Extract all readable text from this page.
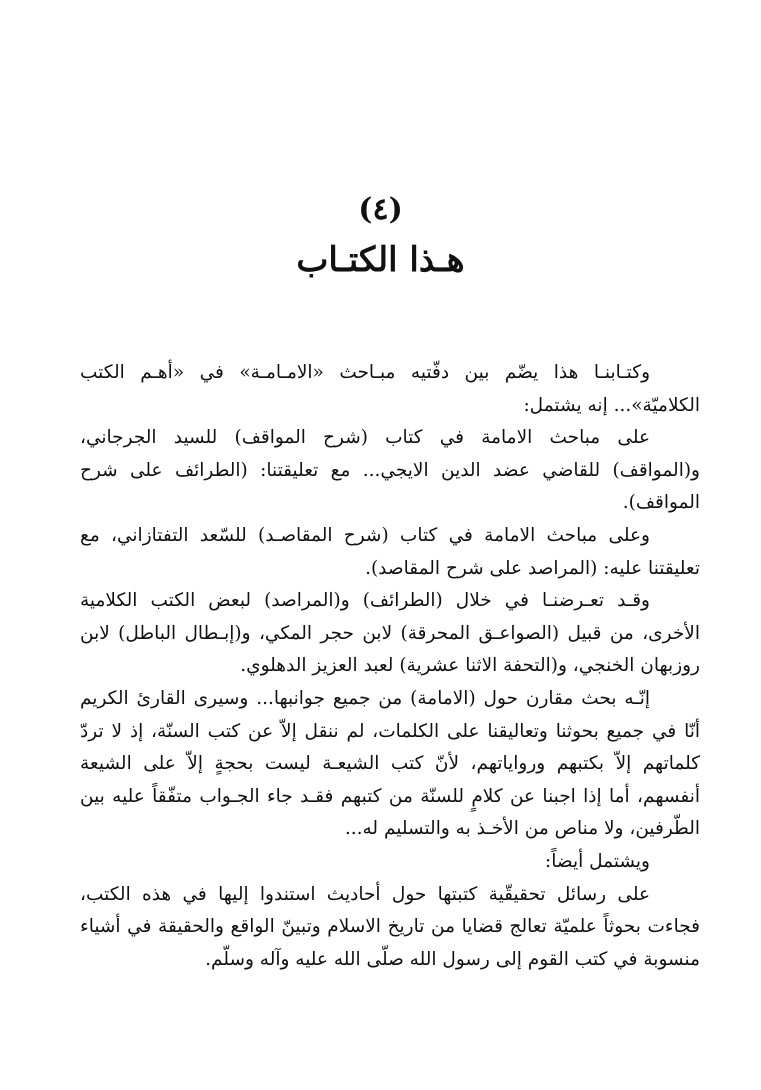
(٤)
هـذا الكتـاب

وكتـابنـا هذا يضّم بين دفّتيه مبـاحث «الامـامـة» في «أهـم الكتب الكلاميّة»... إنه يشتمل:

على مباحث الامامة في كتاب (شرح المواقف) للسيد الجرجاني، و(المواقف) للقاضي عضد الدين الايجي... مع تعليقتنا: (الطرائف على شرح المواقف).

وعلى مباحث الامامة في كتاب (شرح المقاصـد) للسّعد التفتازاني، مع تعليقتنا عليه: (المراصد على شرح المقاصد).

وقـد تعـرضنـا في خلال (الطرائف) و(المراصد) لبعض الكتب الكلامية الأخرى، من قبيل (الصواعـق المحرقة) لابن حجر المكي، و(إبـطال الباطل) لابن روزبهان الخنجي، و(التحفة الاثنا عشرية) لعبد العزيز الدهلوي.

إنّـه بحث مقارن حول (الامامة) من جميع جوانبها... وسيرى القارئ الكريم أنّا في جميع بحوثنا وتعاليقنا على الكلمات، لم ننقل إلاّ عن كتب السنّة، إذ لا تردّ كلماتهم إلاّ بكتبهم ورواياتهم، لأنّ كتب الشيعـة ليست بحجةٍ إلاّ على الشيعة أنفسهم، أما إذا اجبنا عن كلامٍ للسنّة من كتبهم فقـد جاء الجـواب متفّقاً عليه بين الطّرفين، ولا مناص من الأخـذ به والتسليم له...

ويشتمل أيضاً:

على رسائل تحقيقّية كتبتها حول أحاديث استندوا إليها في هذه الكتب، فجاءت بحوثاً علميّة تعالج قضايا من تاريخ الاسلام وتبينّ الواقع والحقيقة في أشياء منسوبة في كتب القوم إلى رسول الله صلّى الله عليه وآله وسلّم.
